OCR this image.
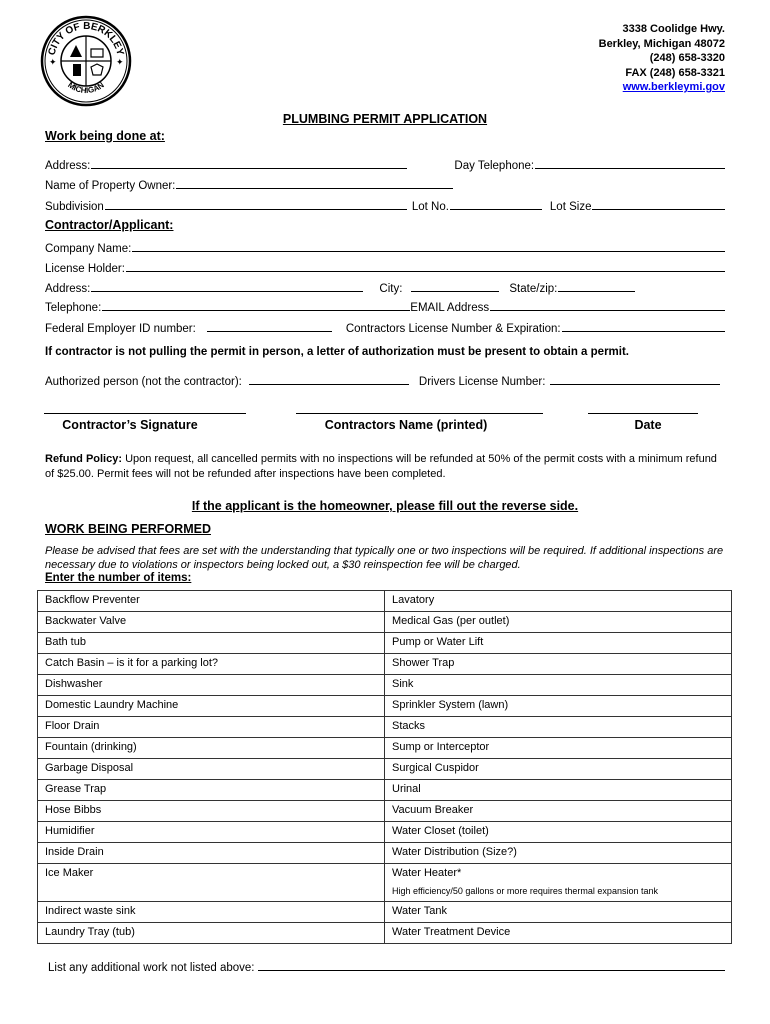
CITY OF BERKLEY
MICHIGAN
✦	✦
3338 Coolidge Hwy.
Berkley, Michigan 48072
(248) 658-3320
FAX (248) 658-3321
www.berkleymi.gov
PLUMBING PERMIT APPLICATION
Work being done at:
Address:	Day Telephone:
Name of Property Owner:
Subdivision	Lot No.	Lot Size
Contractor/Applicant:
Company Name:
License Holder:
Address:	City:	State/zip:
Telephone:	EMAIL Address
Federal Employer ID number:	Contractors License Number & Expiration:
If contractor is not pulling the permit in person, a letter of authorization must be present to obtain a permit.
Authorized person (not the contractor):	Drivers License Number:
Contractor’s Signature	Contractors Name (printed)	Date
Refund Policy: Upon request, all cancelled permits with no inspections will be refunded at 50% of the permit costs with a minimum refund of $25.00. Permit fees will not be refunded after inspections have been completed.
If the applicant is the homeowner, please fill out the reverse side.
WORK BEING PERFORMED
Please be advised that fees are set with the understanding that typically one or two inspections will be required. If additional inspections are necessary due to violations or inspectors being locked out, a $30 reinspection fee will be charged.
Enter the number of items:
Backflow Preventer	Lavatory
Backwater Valve	Medical Gas (per outlet)
Bath tub	Pump or Water Lift
Catch Basin – is it for a parking lot?	Shower Trap
Dishwasher	Sink
Domestic Laundry Machine	Sprinkler System (lawn)
Floor Drain	Stacks
Fountain (drinking)	Sump or Interceptor
Garbage Disposal	Surgical Cuspidor
Grease Trap	Urinal
Hose Bibbs	Vacuum Breaker
Humidifier	Water Closet (toilet)
Inside Drain	Water Distribution (Size?)
Ice Maker	Water Heater*
High efficiency/50 gallons or more requires thermal expansion tank

Indirect waste sink	Water Tank
Laundry Tray (tub)	Water Treatment Device
List any additional work not listed above:
